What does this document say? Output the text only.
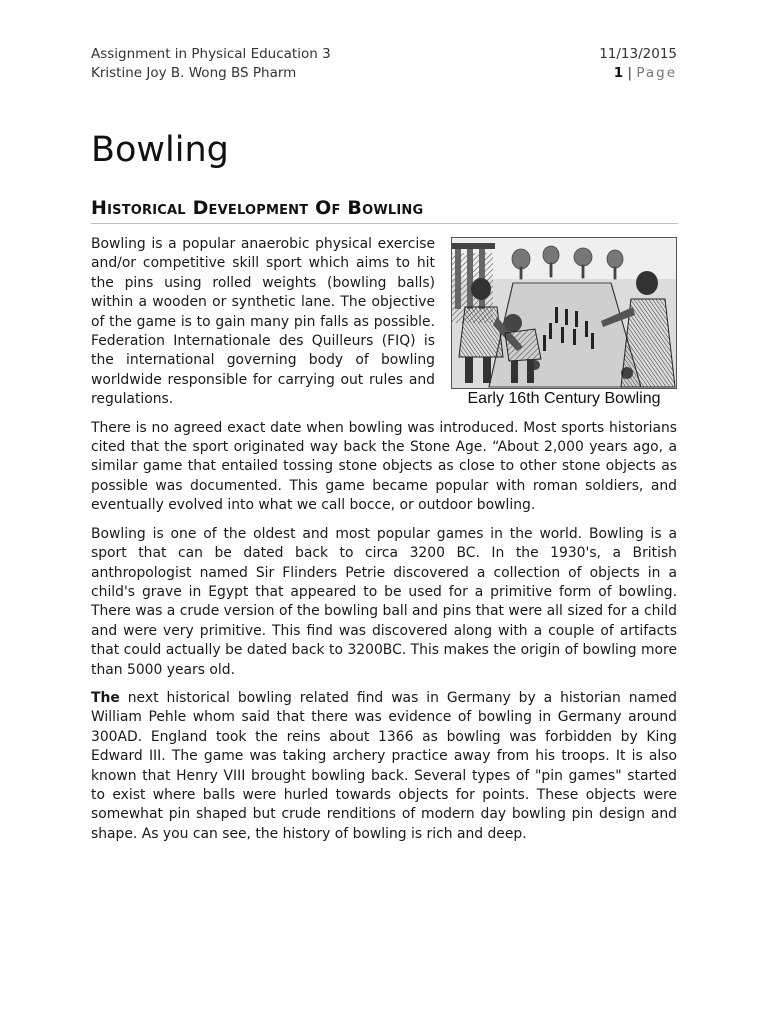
Assignment in Physical Education 3
Kristine Joy B. Wong BS Pharm
11/13/2015
1 | Page
Bowling
Historical Development Of Bowling
Early 16th Century Bowling

Bowling is a popular anaerobic physical exercise and/or competitive skill sport which aims to hit the pins using rolled weights (bowling balls) within a wooden or synthetic lane. The objective of the game is to gain many pin falls as possible. Federation Internationale des Quilleurs (FIQ) is the international governing body of bowling worldwide responsible for carrying out rules and regulations.

There is no agreed exact date when bowling was introduced. Most sports historians cited that the sport originated way back the Stone Age. “About 2,000 years ago, a similar game that entailed tossing stone objects as close to other stone objects as possible was documented. This game became popular with roman soldiers, and eventually evolved into what we call bocce, or outdoor bowling.

Bowling is one of the oldest and most popular games in the world. Bowling is a sport that can be dated back to circa 3200 BC. In the 1930's, a British anthropologist named Sir Flinders Petrie discovered a collection of objects in a child's grave in Egypt that appeared to be used for a primitive form of bowling. There was a crude version of the bowling ball and pins that were all sized for a child and were very primitive. This find was discovered along with a couple of artifacts that could actually be dated back to 3200BC. This makes the origin of bowling more than 5000 years old.

The next historical bowling related find was in Germany by a historian named William Pehle whom said that there was evidence of bowling in Germany around 300AD. England took the reins about 1366 as bowling was forbidden by King Edward III. The game was taking archery practice away from his troops. It is also known that Henry VIII brought bowling back. Several types of "pin games" started to exist where balls were hurled towards objects for points. These objects were somewhat pin shaped but crude renditions of modern day bowling pin design and shape. As you can see, the history of bowling is rich and deep.
